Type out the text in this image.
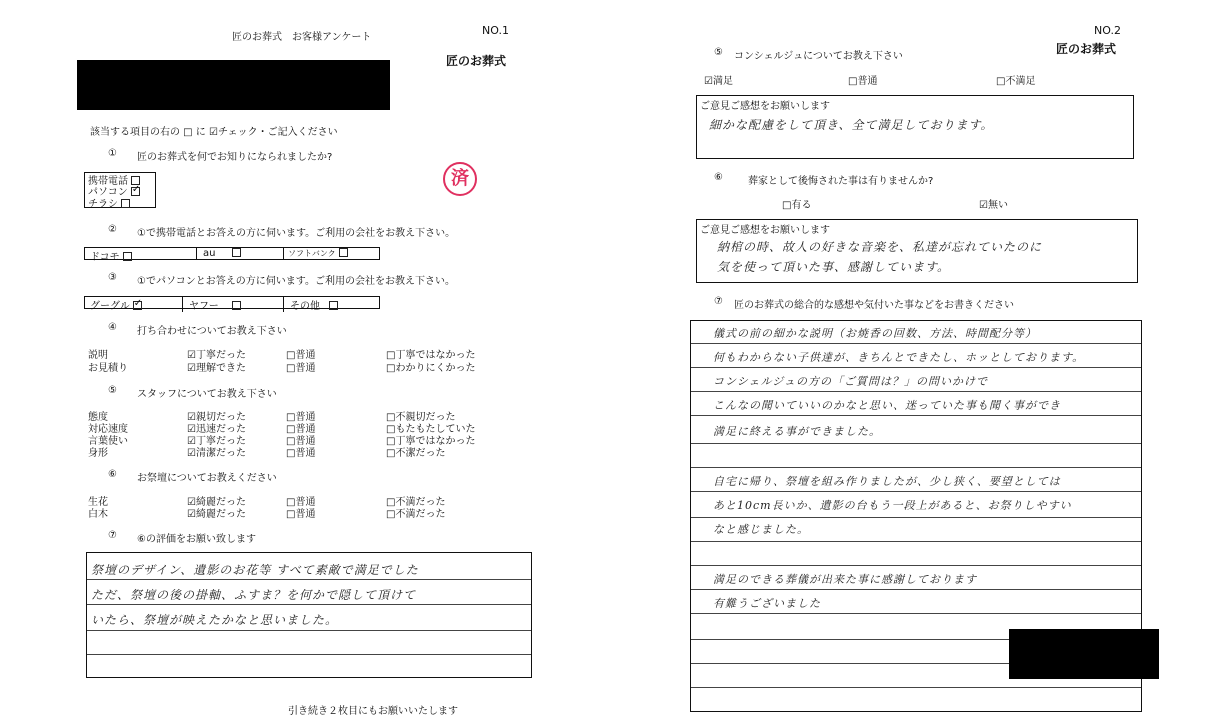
匠のお葬式　お客様アンケート
NO.1
匠のお葬式
該当する項目の右の □ に ☑チェック・ご記入ください
① 匠のお葬式を何でお知りになられましたか?
携帯電話
パソコン✓
チラシ
済
② ①で携帯電話とお答えの方に伺います。ご利用の会社をお教え下さい。
ドコモ	au	ソフトバンク
③ ①でパソコンとお答えの方に伺います。ご利用の会社をお教え下さい。
グーグル✓	ヤフー	その他
④ 打ち合わせについてお教え下さい
説明	☑丁寧だった	□普通	□丁寧ではなかった
お見積り	☑理解できた	□普通	□わかりにくかった
⑤ スタッフについてお教え下さい
態度	☑親切だった	□普通	□不親切だった
対応速度	☑迅速だった	□普通	□もたもたしていた
言葉使い	☑丁寧だった	□普通	□丁寧ではなかった
身形	☑清潔だった	□普通	□不潔だった
⑥ お祭壇についてお教えください
生花	☑綺麗だった	□普通	□不満だった
白木	☑綺麗だった	□普通	□不満だった
⑦ ⑥の評価をお願い致します
祭壇のデザイン、遺影のお花等 すべて素敵で満足でした
ただ、祭壇の後の掛軸、ふすま？を何かで隠して頂けて
いたら、祭壇が映えたかなと思いました。
引き続き２枚目にもお願いいたします
NO.2
匠のお葬式
⑤ コンシェルジュについてお教え下さい
☑満足	□普通	□不満足
ご意見ご感想をお願いします
細かな配慮をして頂き、全て満足しております。
⑥	葬家として後悔された事は有りませんか?
□有る	☑無い
ご意見ご感想をお願いします
納棺の時、故人の好きな音楽を、私達が忘れていたのに
気を使って頂いた事、感謝しています。
⑦ 匠のお葬式の総合的な感想や気付いた事などをお書きください
儀式の前の細かな説明（お焼香の回数、方法、時間配分等）
何もわからない子供達が、きちんとできたし、ホッとしております。
コンシェルジュの方の「ご質問は？」の問いかけで
こんなの聞いていいのかなと思い、迷っていた事も聞く事ができ
満足に終える事ができました。
自宅に帰り、祭壇を組み作りましたが、少し狭く、要望としては
あと10cm長いか、遺影の台もう一段上があると、お祭りしやすい
なと感じました。
満足のできる葬儀が出来た事に感謝しております
有難うございました
